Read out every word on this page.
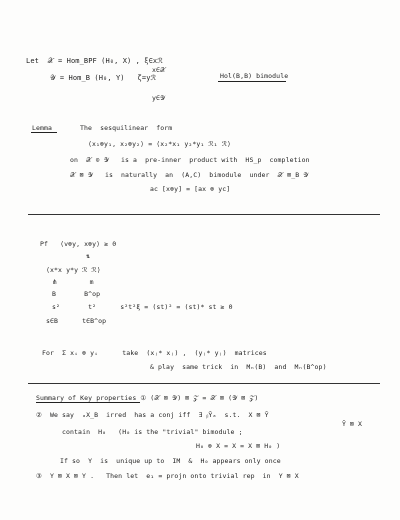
Let  𝒳 = Hom_BPF (H₀, X) , ξ∈xℛ
x∈𝒳
𝒴 = Hom_B (H₀, Y)   ζ=yℛ
y∈𝒴
Hol(B,B) bimodule
Lemma	The  sesquilinear  form
⟨x₁⊗y₁, x₂⊗y₂⟩ = ⟨x₂*x₁ y₂*y₁ ℛ₁ ℛ⟩
on  𝒳 ⊙ 𝒴   is a  pre-inner  product with  HS_p  completion
𝒳 ⊠ 𝒴   is  naturally  an  (A,C)  bimodule  under  𝒳 ⊠_B 𝒴
ac [x⊗y] = [ax ⊗ yc]
Pf   ⟨v⊗y, x⊗y⟩ ≥ 0
⇅
⟨x*x y*y ℛ ℛ⟩
⋔        m
B       B^op
s²       t²      s²t²ξ = (st)² = (st)* st ≥ 0
s∈B      t∈B^op
For  Σ xᵢ ⊗ yᵢ      take  (xⱼ* xⱼ) ,  (yⱼ* yⱼ)  matrices
& play  same trick  in  Mₙ(B)  and  Mₙ(B^op)
Summary of Key properties ① (𝒳 ⊠ 𝒴) ⊠ 𝒵 = 𝒳 ⊠ (𝒴 ⊠ 𝒵)
②  We say  ₐX_B  irred  has a conj iff  ∃ ᵦȲₐ  s.t.  X ⊠ Ȳ
Ȳ ⊠ X
contain  H₀   (H₀ is the "trivial" bimodule ;
H₀ ⊗ X = X = X ⊠ H₀ )
If so  Y  is  unique up to  IM  &  H₀ appears only once
③  Y ⊠ X ⊠ Y .   Then let  e₁ = projn onto trivial rep  in  Y ⊠ X
